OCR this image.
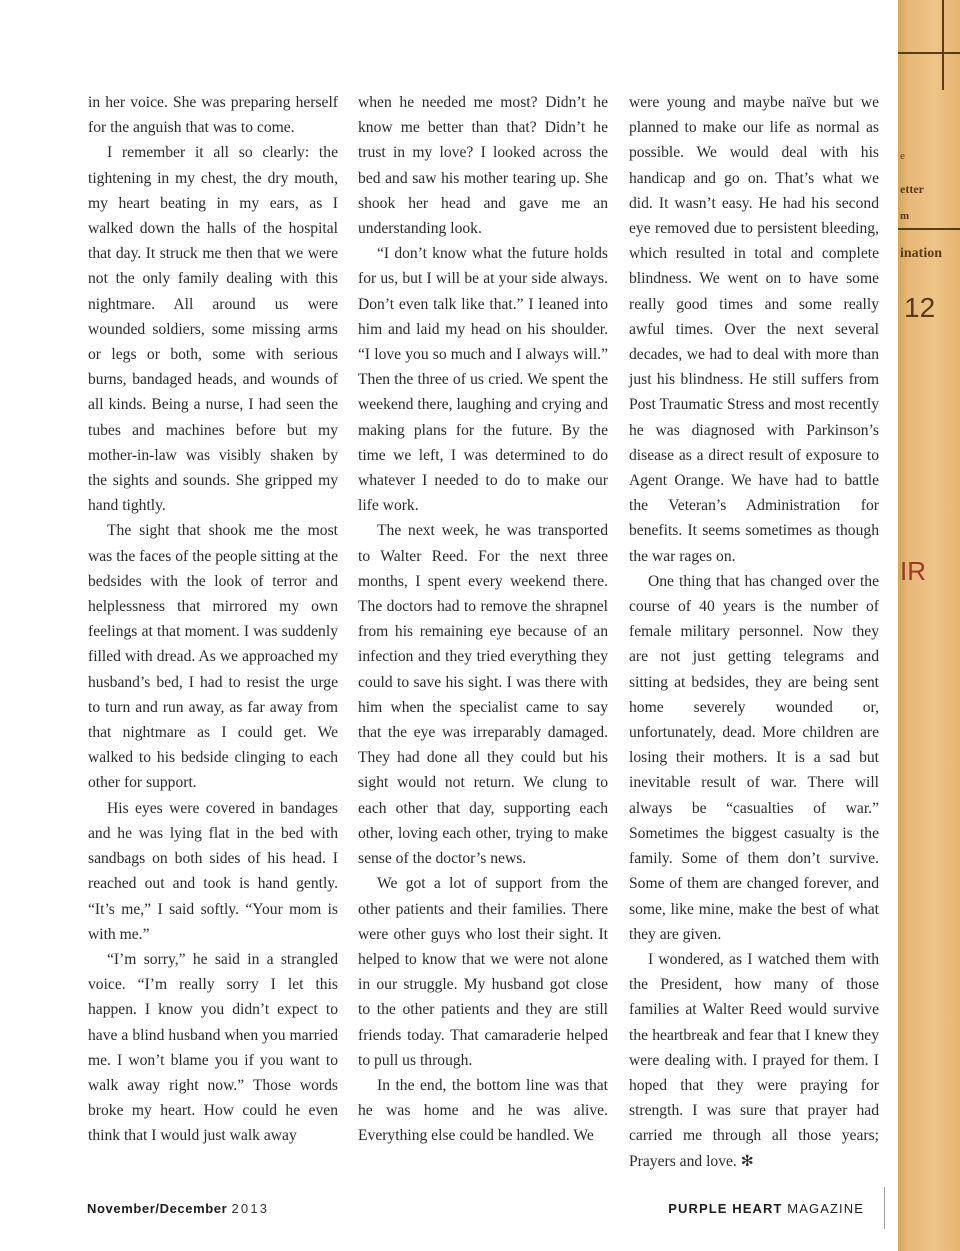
in her voice. She was preparing herself for the anguish that was to come.

I remember it all so clearly: the tightening in my chest, the dry mouth, my heart beating in my ears, as I walked down the halls of the hospital that day. It struck me then that we were not the only family dealing with this nightmare. All around us were wounded soldiers, some missing arms or legs or both, some with serious burns, bandaged heads, and wounds of all kinds. Being a nurse, I had seen the tubes and machines before but my mother-in-law was visibly shaken by the sights and sounds. She gripped my hand tightly.

The sight that shook me the most was the faces of the people sitting at the bedsides with the look of terror and helplessness that mirrored my own feelings at that moment. I was suddenly filled with dread. As we approached my husband’s bed, I had to resist the urge to turn and run away, as far away from that nightmare as I could get. We walked to his bedside clinging to each other for support.

His eyes were covered in bandages and he was lying flat in the bed with sandbags on both sides of his head. I reached out and took is hand gently. “It’s me,” I said softly. “Your mom is with me.”

“I’m sorry,” he said in a strangled voice. “I’m really sorry I let this happen. I know you didn’t expect to have a blind husband when you married me. I won’t blame you if you want to walk away right now.” Those words broke my heart. How could he even think that I would just walk away

when he needed me most? Didn’t he know me better than that? Didn’t he trust in my love? I looked across the bed and saw his mother tearing up. She shook her head and gave me an understanding look.

“I don’t know what the future holds for us, but I will be at your side always. Don’t even talk like that.” I leaned into him and laid my head on his shoulder. “I love you so much and I always will.” Then the three of us cried. We spent the weekend there, laughing and crying and making plans for the future. By the time we left, I was determined to do whatever I needed to do to make our life work.

The next week, he was transported to Walter Reed. For the next three months, I spent every weekend there. The doctors had to remove the shrapnel from his remaining eye because of an infection and they tried everything they could to save his sight. I was there with him when the specialist came to say that the eye was irreparably damaged. They had done all they could but his sight would not return. We clung to each other that day, supporting each other, loving each other, trying to make sense of the doctor’s news.

We got a lot of support from the other patients and their families. There were other guys who lost their sight. It helped to know that we were not alone in our struggle. My husband got close to the other patients and they are still friends today. That camaraderie helped to pull us through.

In the end, the bottom line was that he was home and he was alive. Everything else could be handled. We

were young and maybe naïve but we planned to make our life as normal as possible. We would deal with his handicap and go on. That’s what we did. It wasn’t easy. He had his second eye removed due to persistent bleeding, which resulted in total and complete blindness. We went on to have some really good times and some really awful times. Over the next several decades, we had to deal with more than just his blindness. He still suffers from Post Traumatic Stress and most recently he was diagnosed with Parkinson’s disease as a direct result of exposure to Agent Orange. We have had to battle the Veteran’s Administration for benefits. It seems sometimes as though the war rages on.

One thing that has changed over the course of 40 years is the number of female military personnel. Now they are not just getting telegrams and sitting at bedsides, they are being sent home severely wounded or, unfortunately, dead. More children are losing their mothers. It is a sad but inevitable result of war. There will always be “casualties of war.” Sometimes the biggest casualty is the family. Some of them don’t survive. Some of them are changed forever, and some, like mine, make the best of what they are given.

I wondered, as I watched them with the President, how many of those families at Walter Reed would survive the heartbreak and fear that I knew they were dealing with. I prayed for them. I hoped that they were praying for strength. I was sure that prayer had carried me through all those years; Prayers and love. ✻

November/December 2013	PURPLE HEART MAGAZINE
e
etter
m
ination
12
IR
